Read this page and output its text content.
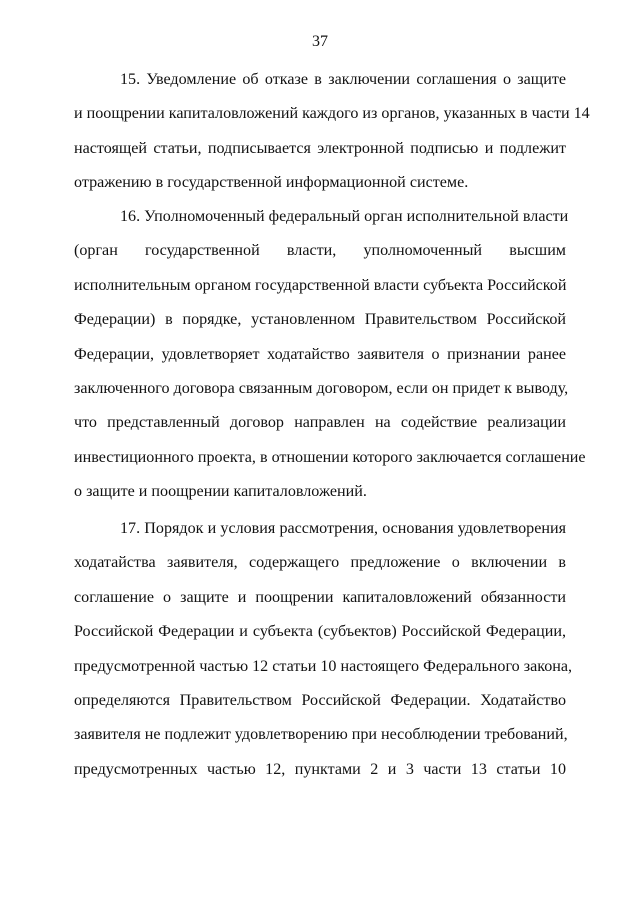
37
15. Уведомление об отказе в заключении соглашения о защите
и поощрении капиталовложений каждого из органов, указанных в части 14
настоящей статьи, подписывается электронной подписью и подлежит
отражению в государственной информационной системе.
16. Уполномоченный федеральный орган исполнительной власти
(орган государственной власти, уполномоченный высшим
исполнительным органом государственной власти субъекта Российской
Федерации) в порядке, установленном Правительством Российской
Федерации, удовлетворяет ходатайство заявителя о признании ранее
заключенного договора связанным договором, если он придет к выводу,
что представленный договор направлен на содействие реализации
инвестиционного проекта, в отношении которого заключается соглашение
о защите и поощрении капиталовложений.
17. Порядок и условия рассмотрения, основания удовлетворения
ходатайства заявителя, содержащего предложение о включении в
соглашение о защите и поощрении капиталовложений обязанности
Российской Федерации и субъекта (субъектов) Российской Федерации,
предусмотренной частью 12 статьи 10 настоящего Федерального закона,
определяются Правительством Российской Федерации. Ходатайство
заявителя не подлежит удовлетворению при несоблюдении требований,
предусмотренных частью 12, пунктами 2 и 3 части 13 статьи 10
